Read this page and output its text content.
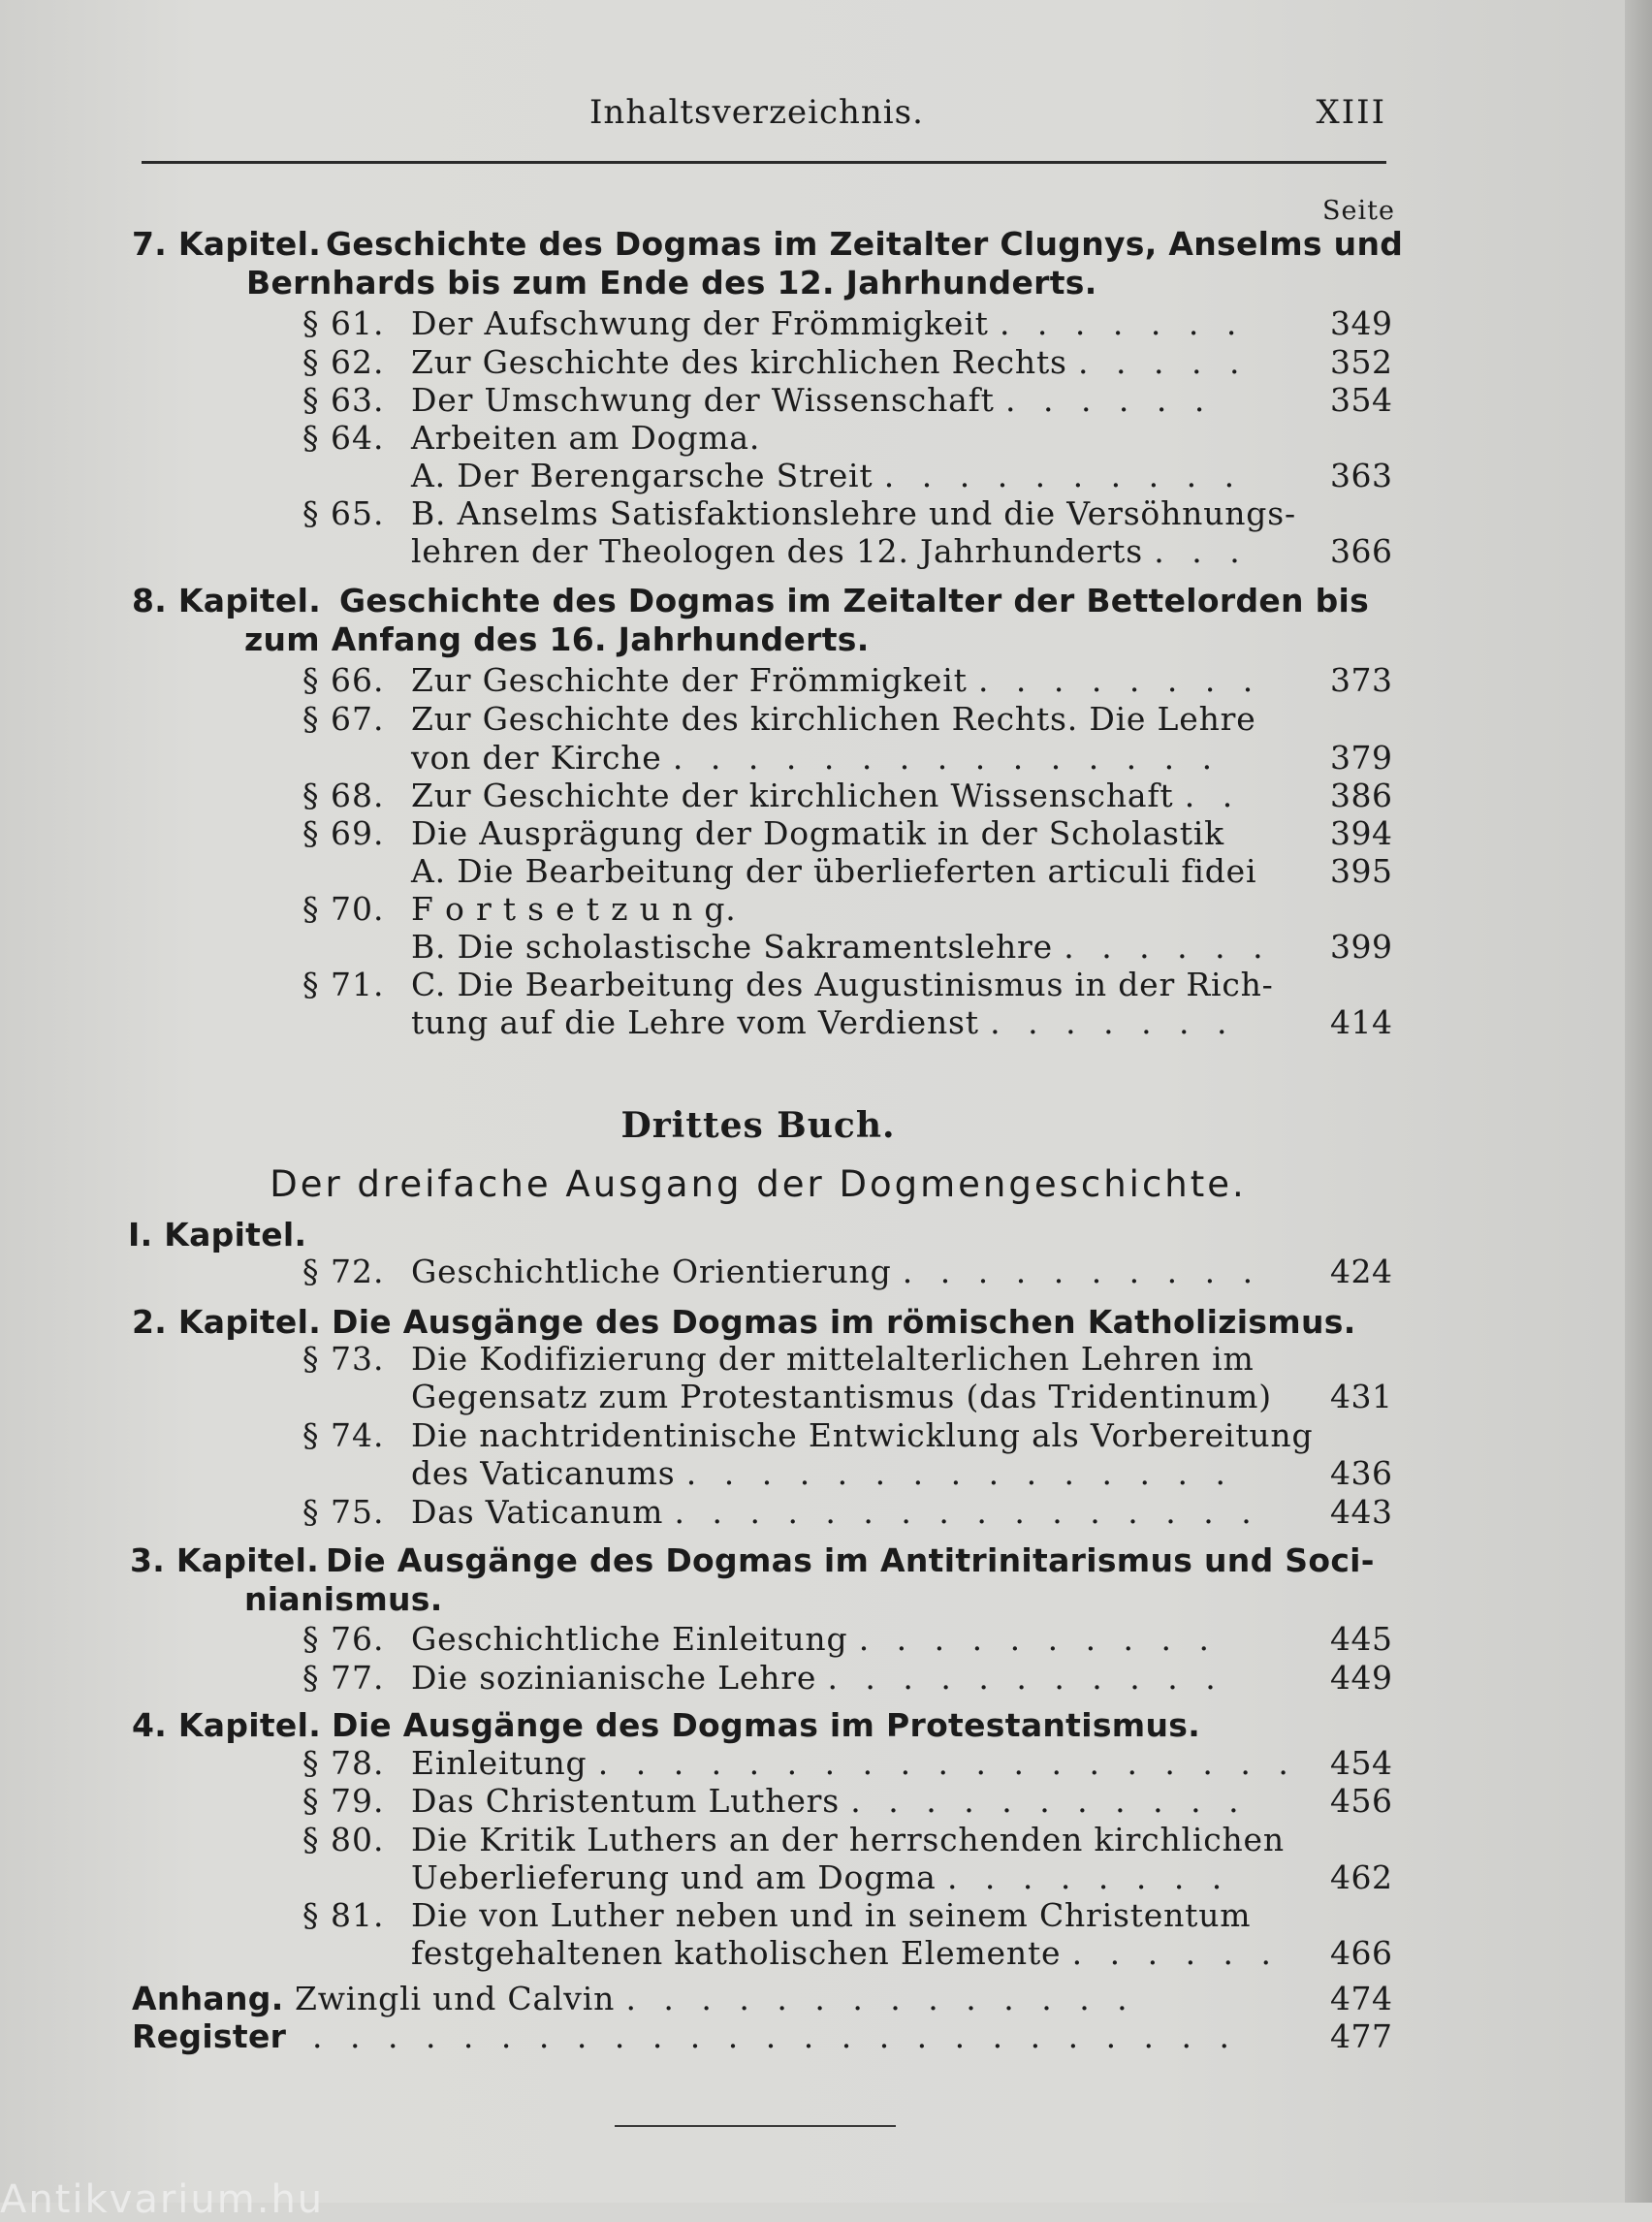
Inhaltsverzeichnis.	XIII
Seite
7. Kapitel. Geschichte des Dogmas im Zeitalter Clugnys, Anselms und
Bernhards bis zum Ende des 12. Jahrhunderts.
§ 61. Der Aufschwung der Frömmigkeit . . . . . . .	349
§ 62. Zur Geschichte des kirchlichen Rechts . . . . .	352
§ 63. Der Umschwung der Wissenschaft . . . . . .	354
§ 64. Arbeiten am Dogma.
A. Der Berengarsche Streit . . . . . . . . . .	363
§ 65. B. Anselms Satisfaktionslehre und die Versöhnungs-
lehren der Theologen des 12. Jahrhunderts . . .	366
8. Kapitel. Geschichte des Dogmas im Zeitalter der Bettelorden bis
zum Anfang des 16. Jahrhunderts.
§ 66. Zur Geschichte der Frömmigkeit . . . . . . . . 373
§ 67. Zur Geschichte des kirchlichen Rechts. Die Lehre
von der Kirche . . . . . . . . . . . . . . .	379
§ 68. Zur Geschichte der kirchlichen Wissenschaft . .	386
§ 69. Die Ausprägung der Dogmatik in der Scholastik	394
A. Die Bearbeitung der überlieferten articuli fidei 395
§ 70. F o r t s e t z u n g.
B. Die scholastische Sakramentslehre . . . . . . 399
§ 71. C. Die Bearbeitung des Augustinismus in der Rich-
tung auf die Lehre vom Verdienst . . . . . . .	414
Drittes Buch.
Der dreifache Ausgang der Dogmengeschichte.
I. Kapitel.
§ 72. Geschichtliche Orientierung . . . . . . . . . . 424
2. Kapitel. Die Ausgänge des Dogmas im römischen Katholizismus.
§ 73. Die Kodifizierung der mittelalterlichen Lehren im
Gegensatz zum Protestantismus (das Tridentinum) 431
§ 74. Die nachtridentinische Entwicklung als Vorbereitung
des Vaticanums . . . . . . . . . . . . . . .	436
§ 75. Das Vaticanum . . . . . . . . . . . . . . . . 443
3. Kapitel. Die Ausgänge des Dogmas im Antitrinitarismus und Soci-
nianismus.
§ 76. Geschichtliche Einleitung . . . . . . . . . .	445
§ 77. Die sozinianische Lehre . . . . . . . . . . .	449
4. Kapitel. Die Ausgänge des Dogmas im Protestantismus.
§ 78. Einleitung . . . . . . . . . . . . . . . . . . . 454
§ 79. Das Christentum Luthers . . . . . . . . . . .	456
§ 80. Die Kritik Luthers an der herrschenden kirchlichen
Ueberlieferung und am Dogma . . . . . . . .	462
§ 81. Die von Luther neben und in seinem Christentum
festgehaltenen katholischen Elemente . . . . . . 466
Anhang. Zwingli und Calvin . . . . . . . . . . . . . .	474
Register . . . . . . . . . . . . . . . . . . . . . . . . .	477
Antikvarium.hu
